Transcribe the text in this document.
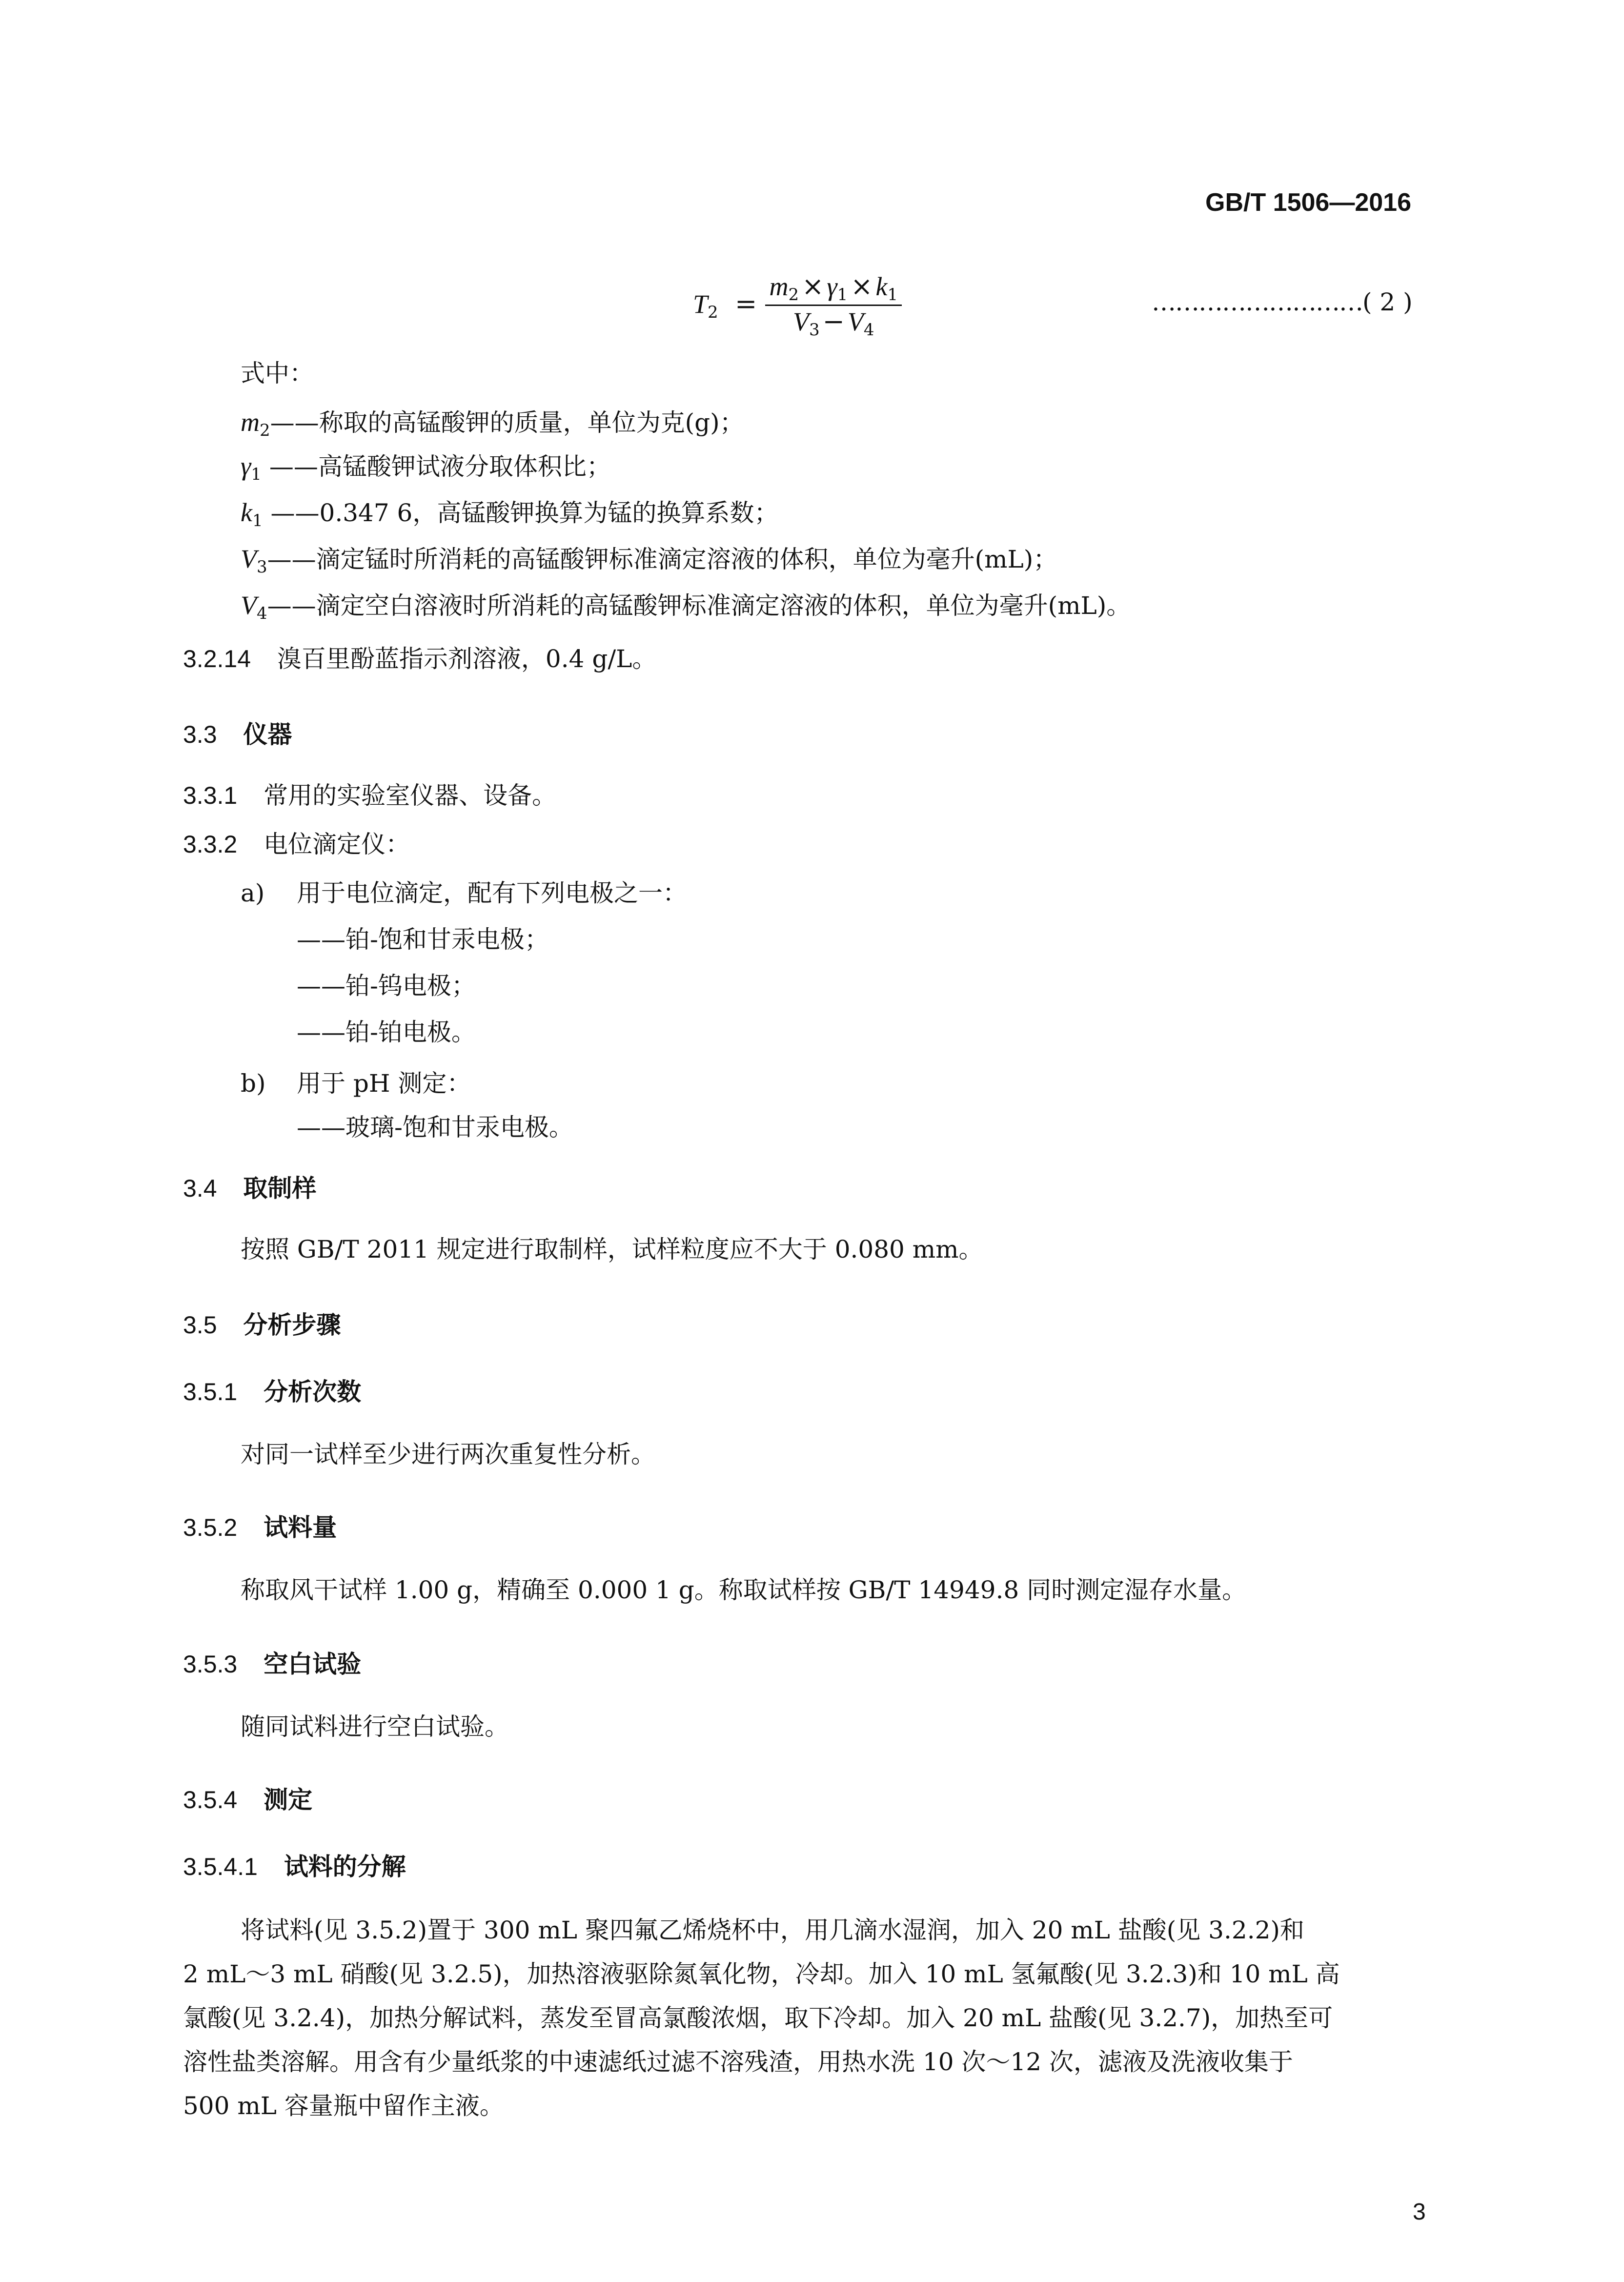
GB/T 1506—2016
$T_2 = \frac{m_2 \times \gamma_1 \times k_1}{V_3 - V_4}$	………………………( 2 )
式中：
$m_2——$称取的高锰酸钾的质量，单位为克(g)；
$\gamma_1$ ——高锰酸钾试液分取体积比；
$k_1$ ——0.347 6，高锰酸钾换算为锰的换算系数；
$V_3——$滴定锰时所消耗的高锰酸钾标准滴定溶液的体积，单位为毫升(mL)；
$V_4——$滴定空白溶液时所消耗的高锰酸钾标准滴定溶液的体积，单位为毫升(mL)。
3.2.14 溴百里酚蓝指示剂溶液，0.4 g/L。
3.3 仪器
3.3.1 常用的实验室仪器、设备。
3.3.2 电位滴定仪：
a) 用于电位滴定，配有下列电极之一：
——铂-饱和甘汞电极；
——铂-钨电极；
——铂-铂电极。
b) 用于 pH 测定：
——玻璃-饱和甘汞电极。
3.4 取制样
按照 GB/T 2011 规定进行取制样，试样粒度应不大于 0.080 mm。
3.5 分析步骤
3.5.1 分析次数
对同一试样至少进行两次重复性分析。
3.5.2 试料量
称取风干试样 1.00 g，精确至 0.000 1 g。称取试样按 GB/T 14949.8 同时测定湿存水量。
3.5.3 空白试验
随同试料进行空白试验。
3.5.4 测定
3.5.4.1 试料的分解
将试料(见 3.5.2)置于 300 mL 聚四氟乙烯烧杯中，用几滴水湿润，加入 20 mL 盐酸(见 3.2.2)和
2 mL～3 mL 硝酸(见 3.2.5)，加热溶液驱除氮氧化物，冷却。加入 10 mL 氢氟酸(见 3.2.3)和 10 mL 高
氯酸(见 3.2.4)，加热分解试料，蒸发至冒高氯酸浓烟，取下冷却。加入 20 mL 盐酸(见 3.2.7)，加热至可
溶性盐类溶解。用含有少量纸浆的中速滤纸过滤不溶残渣，用热水洗 10 次～12 次，滤液及洗液收集于
500 mL 容量瓶中留作主液。
3
